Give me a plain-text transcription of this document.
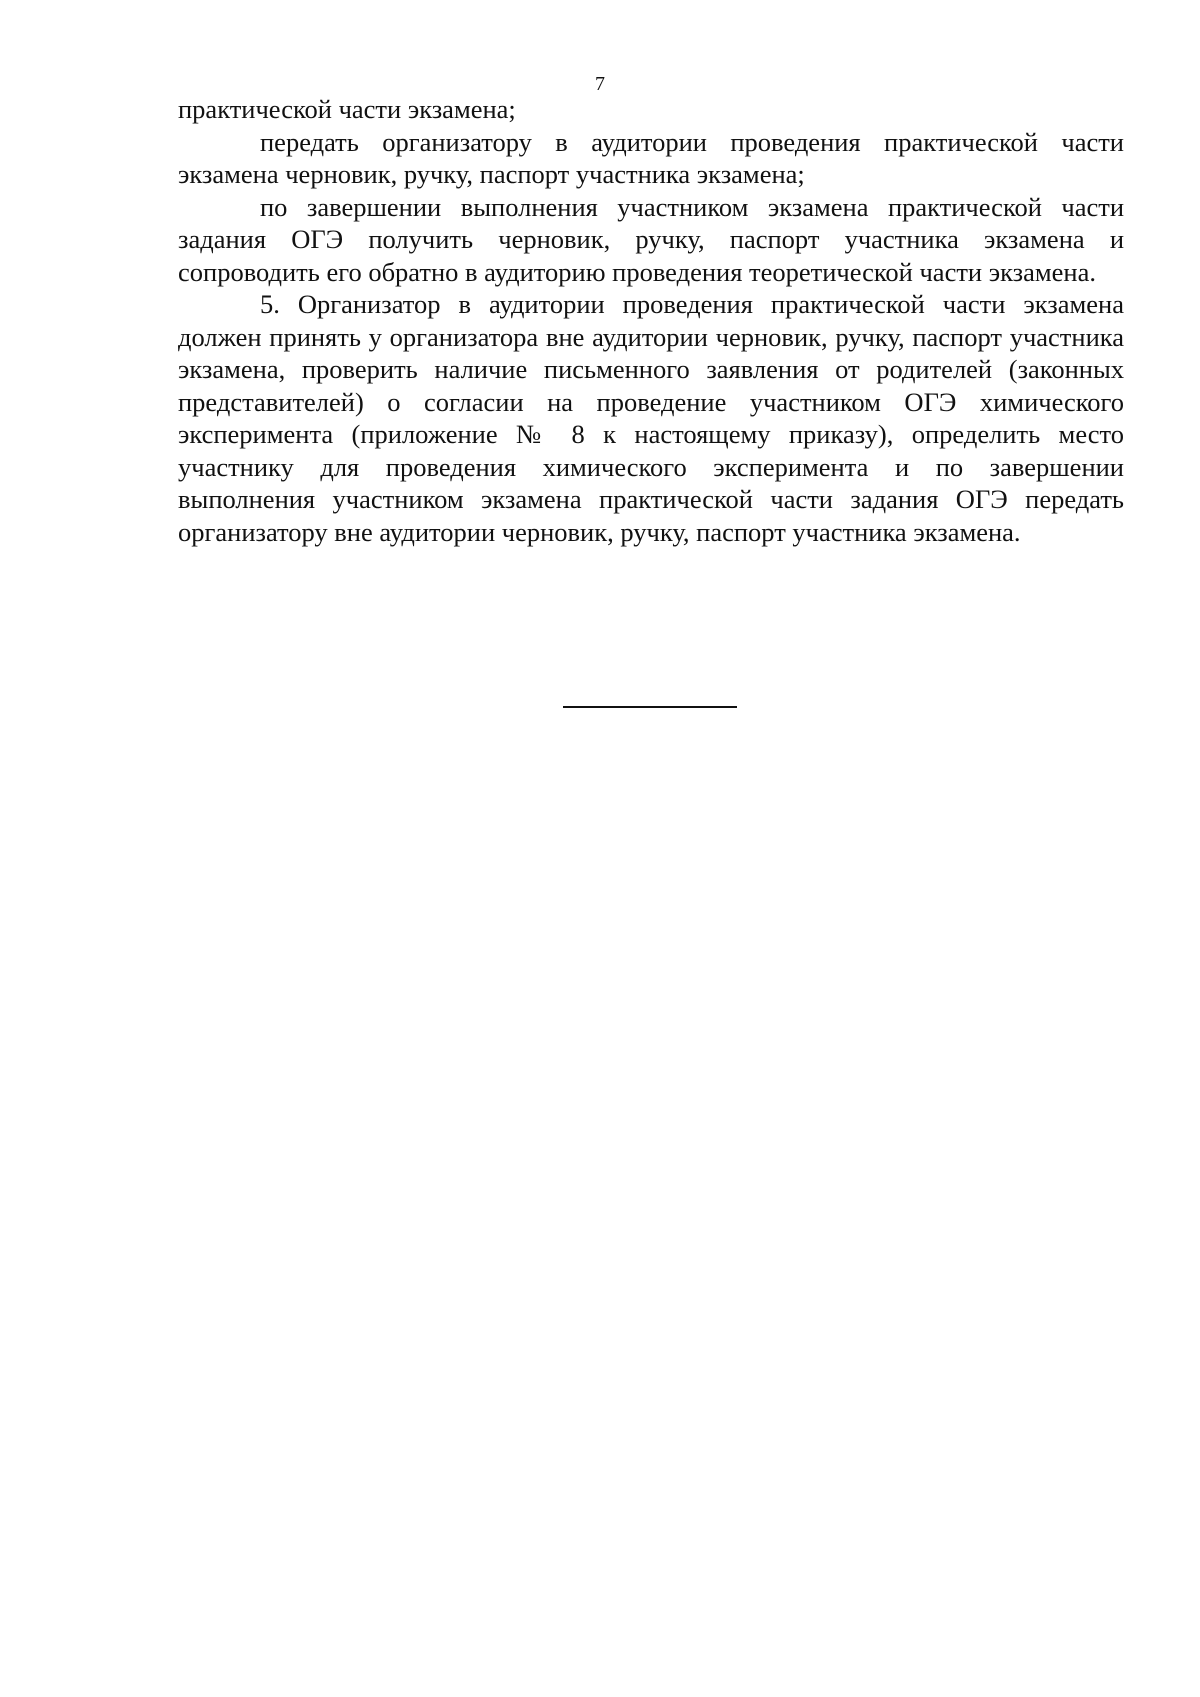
7

практической части экзамена;

передать организатору в аудитории проведения практической части экзамена черновик, ручку, паспорт участника экзамена;

по завершении выполнения участником экзамена практической части задания ОГЭ получить черновик, ручку, паспорт участника экзамена и сопроводить его обратно в аудиторию проведения теоретической части экзамена.

5. Организатор в аудитории проведения практической части экзамена должен принять у организатора вне аудитории черновик, ручку, паспорт участника экзамена, проверить наличие письменного заявления от родителей (законных представителей) о согласии на проведение участником ОГЭ химического эксперимента (приложение № 8 к настоящему приказу), определить место участнику для проведения химического эксперимента и по завершении выполнения участником экзамена практической части задания ОГЭ передать организатору вне аудитории черновик, ручку, паспорт участника экзамена.
